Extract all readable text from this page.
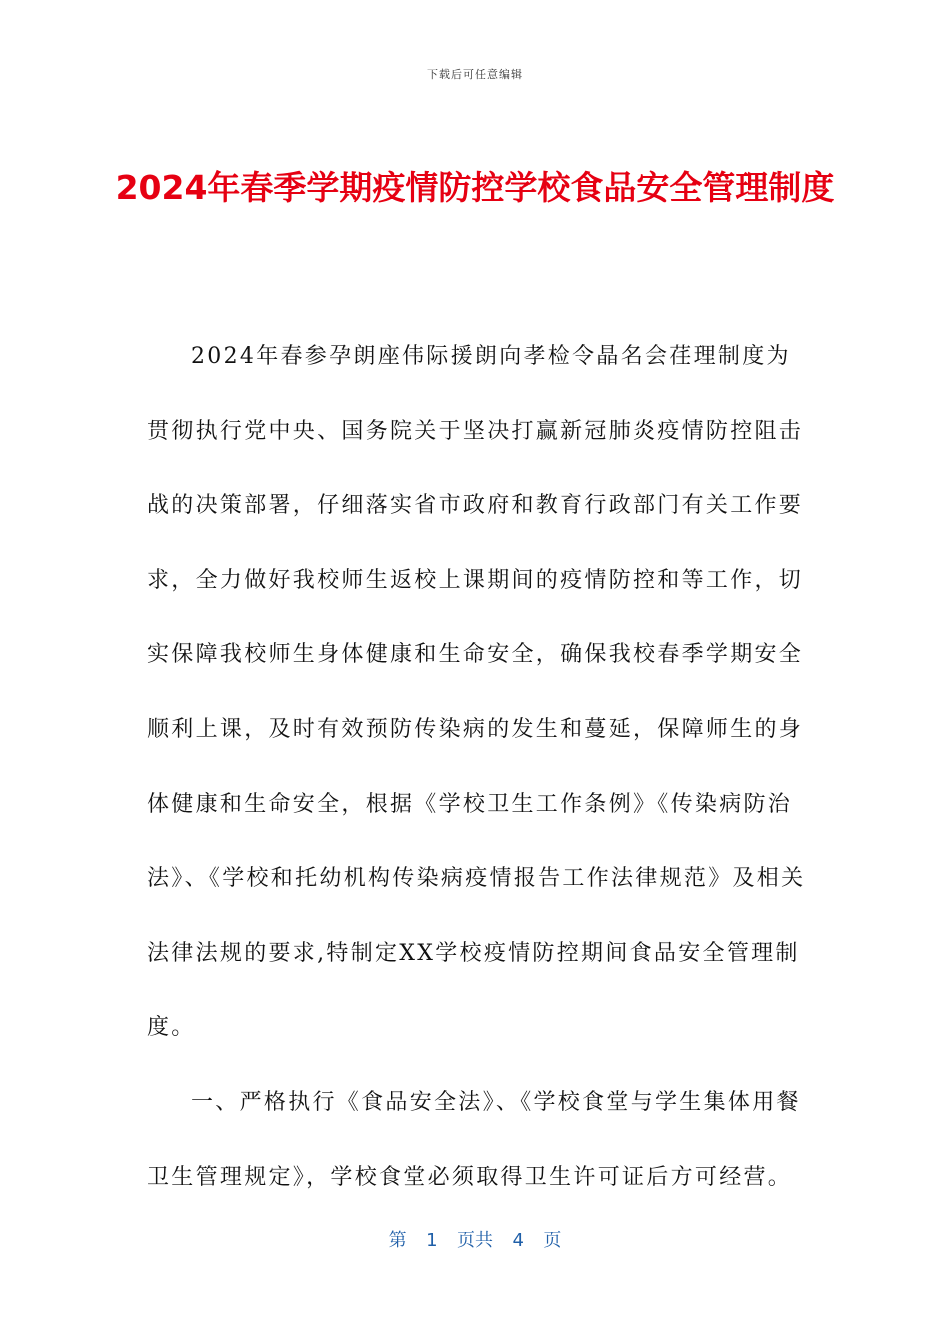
下载后可任意编辑
2024年春季学期疫情防控学校食品安全管理制度

2024年春参孕朗座伟际援朗向孝检令晶名会荏理制度为贯彻执行党中央、国务院关于坚决打赢新冠肺炎疫情防控阻击战的决策部署，仔细落实省市政府和教育行政部门有关工作要求，全力做好我校师生返校上课期间的疫情防控和等工作，切实保障我校师生身体健康和生命安全，确保我校春季学期安全顺利上课，及时有效预防传染病的发生和蔓延，保障师生的身体健康和生命安全，根据《学校卫生工作条例》《传染病防治法》、《学校和托幼机构传染病疫情报告工作法律规范》及相关法律法规的要求,特制定XX学校疫情防控期间食品安全管理制度。

一、严格执行《食品安全法》、《学校食堂与学生集体用餐卫生管理规定》，学校食堂必须取得卫生许可证后方可经营。

第  1  页共  4  页
